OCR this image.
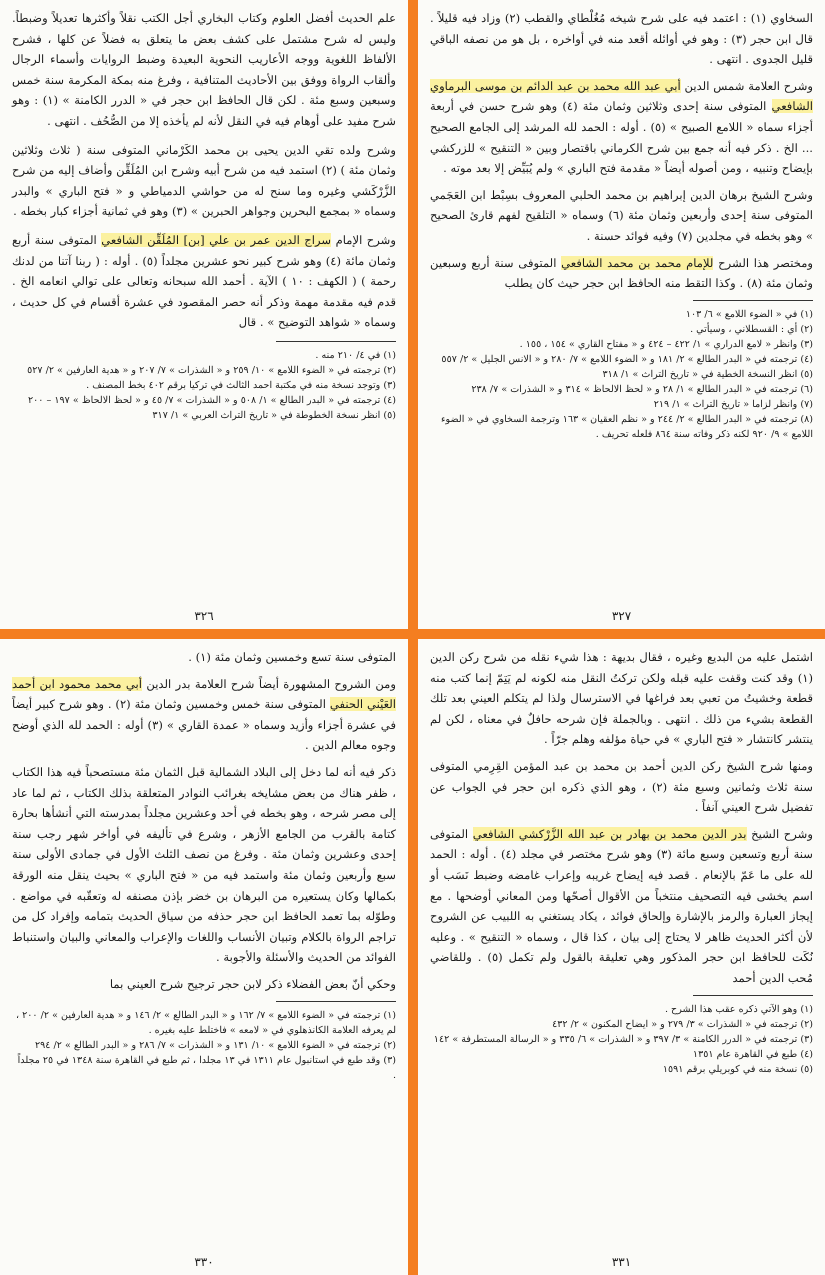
علم الحديث أفضل العلوم وكتاب البخاري أجل الكتب نقلاً وأكثرها تعديلاً وضبطاً. وليس له شرح مشتمل على كشف بعض ما يتعلق به فضلاً عن كلها ، فشرح الألفاظ اللغوية ووجه الأعاريب النحوية البعيدة وضبط الروايات وأسماء الرجال وألقاب الرواة ووفق بين الأحاديث المتنافية ، وفرغ منه بمكة المكرمة سنة خمس وسبعين وسبع مئة . لكن قال الحافظ ابن حجر في « الدرر الكامنة » (١) : وهو شرح مفيد على أوهام فيه في النقل لأنه لم يأخذه إلا من الصُّحُف . انتهى .

وشرح ولده تقي الدين يحيى بن محمد الكَرْماني المتوفى سنة ( ثلاث وثلاثين وثمان مئة ) (٢) استمد فيه من شرح أبيه وشرح ابن المُلَقِّن وأضاف إليه من شرح الزَّرْكَشي وغيره وما سنح له من حواشي الدمياطي و « فتح الباري » والبدر وسماه « بمجمع البحرين وجواهر الحبرين » (٣) وهو في ثمانية أجزاء كبار بخطه .

وشرح الإمام سراج الدين عمر بن علي [بن] المُلَقِّن الشافعي المتوفى سنة أربع وثمان مائة (٤) وهو شرح كبير نحو عشرين مجلداً (٥) . أوله : ( ربنا آتنا من لدنك رحمة ) ( الكهف : ١٠ ) الآية . أحمد الله سبحانه وتعالى على توالي انعامه الخ . قدم فيه مقدمة مهمة وذكر أنه حصر المقصود في عشرة أقسام في كل حديث ، وسماه « شواهد التوضيح » . قال

(١) في ٤/ ٢١٠ منه .
(٢) ترجمته في « الضوء اللامع » ١٠/ ٢٥٩ و « الشذرات » ٧/ ٢٠٧ و « هدية العارفين » ٢/ ٥٢٧
(٣) وتوجد نسخة منه في مكتبة احمد الثالث في تركيا برقم ٤٠٢ بخط المصنف .
(٤) ترجمته في « البدر الطالع » ١/ ٥٠٨ و « الشذرات » ٧/ ٤٥ و « لحظ الالحاظ » ١٩٧ – ٢٠٠
(٥) انظر نسخة الخطوطة في « تاريخ التراث العربي » ١/ ٣١٧
٣٢٦

السخاوي (١) : اعتمد فيه على شرح شيخه مُغُلْطاي والقطب (٢) وزاد فيه قليلاً . قال ابن حجر (٣) : وهو في أوائله أقعد منه في أواخره ، بل هو من نصفه الباقي قليل الجدوى . انتهى .

وشرح العلامة شمس الدين أبي عبد الله محمد بن عبد الدائم بن موسى البرماوي الشافعي المتوفى سنة إحدى وثلاثين وثمان مئة (٤) وهو شرح حسن في أربعة أجزاء سماه « اللامع الصبيح » (٥) . أوله : الحمد لله المرشد إلى الجامع الصحيح ... الخ . ذكر فيه أنه جمع بين شرح الكرماني باقتصار وبين « التنقيح » للزركشي بإيضاح وتنبيه ، ومن أصوله أيضاً « مقدمة فتح الباري » ولم يُبَيِّض إلا بعد موته .

وشرح الشيخ برهان الدين إبراهيم بن محمد الحلبي المعروف بسِبْط ابن العَجَمي المتوفى سنة إحدى وأربعين وثمان مئة (٦) وسماه « التلقيح لفهم قارئ الصحيح » وهو بخطه في مجلدين (٧) وفيه فوائد حسنة .

ومختصر هذا الشرح للإمام محمد بن محمد الشافعي المتوفى سنة أربع وسبعين وثمان مئة (٨) . وكذا التقط منه الحافظ ابن حجر حيث كان يطلب

(١) في « الضوء اللامع » ٦/ ١٠٣
(٢) أي : القسطلاني ، وسيأتي .
(٣) وانظر « لامع الدراري » ١/ ٤٢٢ – ٤٢٤ و « مفتاح القاري » ١٥٤ ، ١٥٥ .
(٤) ترجمته في « البدر الطالع » ٢/ ١٨١ و « الضوء اللامع » ٧/ ٢٨٠ و « الانس الجليل » ٢/ ٥٥٧
(٥) انظر النسخة الخطية في « تاريخ التراث » ١/ ٣١٨
(٦) ترجمته في « البدر الطالع » ١/ ٢٨ و « لحظ الالحاظ » ٣١٤ و « الشذرات » ٧/ ٢٣٨
(٧) وانظر لزاما « تاريخ التراث » ١/ ٢١٩
(٨) ترجمته في « البدر الطالع » ٢/ ٢٤٤ و « نظم العقيان » ١٦٣ وترجمة السخاوي في « الضوء اللامع » ٩/ ٩٢٠ لكنه ذكر وفاته سنة ٨٦٤ فلعله تحريف .
٣٢٧

المتوفى سنة تسع وخمسين وثمان مئة (١) .

ومن الشروح المشهورة أيضاً شرح العلامة بدر الدين أبي محمد محمود ابن أحمد العَيْني الحنفي المتوفى سنة خمس وخمسين وثمان مئة (٢) . وهو شرح كبير أيضاً في عشرة أجزاء وأزيد وسماه « عمدة القاري » (٣) أوله : الحمد لله الذي أوضح وجوه معالم الدين .

ذكر فيه أنه لما دخل إلى البلاد الشمالية قبل الثمان مئة مستصحباً فيه هذا الكتاب ، ظفر هناك من بعض مشايخه بغرائب النوادر المتعلقة بذلك الكتاب ، ثم لما عاد إلى مصر شرحه ، وهو بخطه في أحد وعشرين مجلداً بمدرسته التي أنشأها بحارة كتامة بالقرب من الجامع الأزهر ، وشرع في تأليفه في أواخر شهر رجب سنة إحدى وعشرين وثمان مئة . وفرغ من نصف الثلث الأول في جمادى الأولى سنة سبع وأربعين وثمان مئة واستمد فيه من « فتح الباري » بحيث ينقل منه الورقة بكمالها وكان يستعيره من البرهان بن خضر بإذن مصنفه له وتعقّبه في مواضع . وطوّله بما تعمد الحافظ ابن حجر حذفه من سياق الحديث بتمامه وإفراد كل من تراجم الرواة بالكلام وتبيان الأنساب واللغات والإعراب والمعاني والبيان واستنباط الفوائد من الحديث والأسئلة والأجوبة .

وحكي أنّ بعض الفضلاء ذكر لابن حجر ترجيح شرح العيني بما

(١) ترجمته في « الضوء اللامع » ٧/ ١٦٢ و « البدر الطالع » ٢/ ١٤٦ و « هدية العارفين » ٢/ ٢٠٠ ، لم يعرفه العلامة الكانذهلوي في « لامعه » فاختلط عليه بغيره .
(٢) ترجمته في « الضوء اللامع » ١٠/ ١٣١ و « الشذرات » ٧/ ٢٨٦ و « البدر الطالع » ٢/ ٢٩٤
(٣) وقد طبع في استانبول عام ١٣١١ في ١٣ مجلدا ، ثم طبع في القاهرة سنة ١٣٤٨ في ٢٥ مجلداً .
٣٣٠

اشتمل عليه من البديع وغيره ، فقال بديهة : هذا شيء نقله من شرح ركن الدين (١) وقد كنت وقفت عليه قبله ولكن تركتُ النقل منه لكونه لم يَتِمّ إنما كتب منه قطعة وخشيتُ من تعبي بعد فراغها في الاسترسال ولذا لم يتكلم العيني بعد تلك القطعة بشيء من ذلك . انتهى . وبالجملة فإن شرحه حافلٌ في معناه ، لكن لم ينتشر كانتشار « فتح الباري » في حياة مؤلفه وهلم جرّاً .

ومنها شرح الشيخ ركن الدين أحمد بن محمد بن عبد المؤمن القِرِمي المتوفى سنة ثلاث وثمانين وسبع مئة (٢) ، وهو الذي ذكره ابن حجر في الجواب عن تفضيل شرح العيني آنفاً .

وشرح الشيخ بدر الدين محمد بن بهادر بن عبد الله الزَّرْكشي الشافعي المتوفى سنة أربع وتسعين وسبع مائة (٣) وهو شرح مختصر في مجلد (٤) . أوله : الحمد لله على ما عَمّ بالإنعام . قصد فيه إيضاح غريبه وإعراب غامضه وضبط نَسَب أو اسم يخشى فيه التصحيف منتخباً من الأقوال أصحّها ومن المعاني أوضحها . مع إيجاز العبارة والرمز بالإشارة وإلحاق فوائد ، يكاد يستغني به اللبيب عن الشروح لأن أكثر الحديث ظاهر لا يحتاج إلى بيان ، كذا قال ، وسماه « التنقيح » . وعليه نُكَت للحافظ ابن حجر المذكور وهي تعليقة بالقول ولم تكمل (٥) . وللقاضي مُحب الدين أحمد

(١) وهو الآتي ذكره عقب هذا الشرح .
(٢) ترجمته في « الشذرات » ٣/ ٢٧٩ و « ايضاح المكنون » ٢/ ٤٣٢
(٣) ترجمته في « الدرر الكامنة » ٣/ ٣٩٧ و « الشذرات » ٦/ ٣٣٥ و « الرسالة المستطرفة » ١٤٢
(٤) طبع في القاهرة عام ١٣٥١
(٥) نسخة منه في كوبريلي برقم ١٥٩١
٣٣١
